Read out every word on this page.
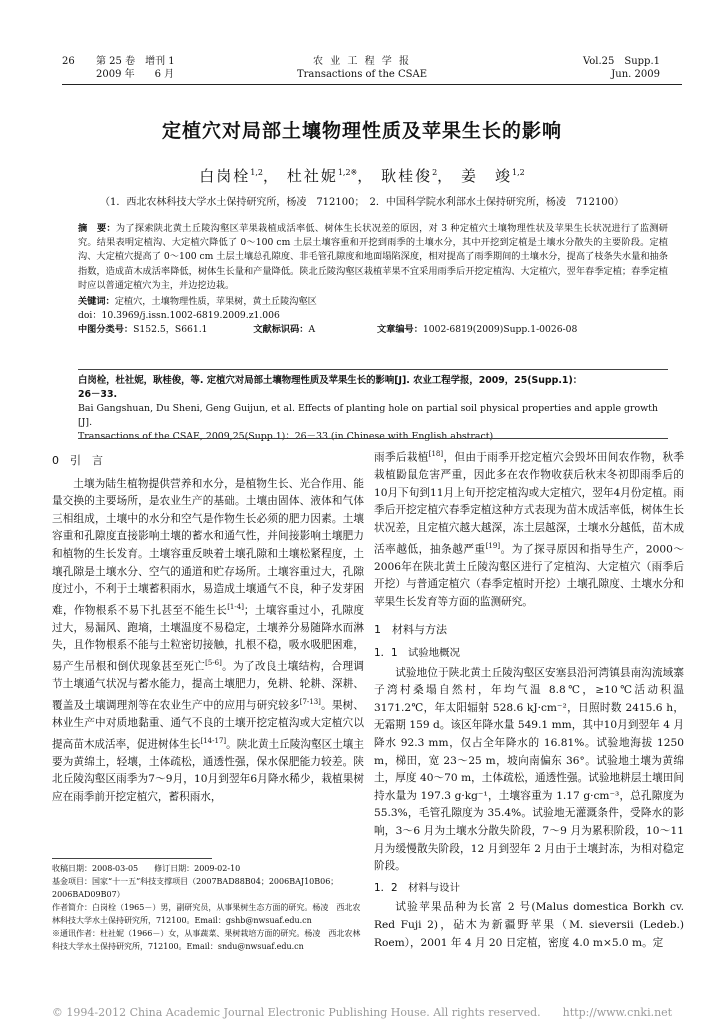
26 第 25 卷　增刊 1
2009 年　　6 月
农 业 工 程 学 报
Transactions of the CSAE
Vol.25　Supp.1
Jun. 2009
定植穴对局部土壤物理性质及苹果生长的影响
白岗栓$^{1,2}$， 杜社妮$^{1,2※}$， 耿桂俊$^2$， 姜　竣$^{1,2}$
（1．西北农林科技大学水土保持研究所，杨凌　712100；　2．中国科学院水利部水土保持研究所，杨凌　712100）

摘　要：为了探索陕北黄土丘陵沟壑区苹果栽植成活率低、树体生长状况差的原因，对 3 种定植穴土壤物理性状及苹果生长状况进行了监测研究。结果表明定植沟、大定植穴降低了 0～100 cm 土层土壤容重和开挖到雨季的土壤水分，其中开挖到定植是土壤水分散失的主要阶段。定植沟、大定植穴提高了 0～100 cm 土层土壤总孔隙度、非毛管孔隙度和地面塌陷深度，相对提高了雨季期间的土壤水分，提高了枝条失水量和抽条指数，造成苗木成活率降低，树体生长量和产量降低。陕北丘陵沟壑区栽植苹果不宜采用雨季后开挖定植沟、大定植穴，翌年春季定植；春季定植时应以普通定植穴为主，并边挖边栽。

关键词：定植穴，土壤物理性质，苹果树，黄土丘陵沟壑区

doi：10.3969/j.issn.1002-6819.2009.z1.006

中图分类号：S152.5，S661.1	文献标识码：A	文章编号：1002-6819(2009)Supp.1-0026-08

白岗栓，杜社妮，耿桂俊，等. 定植穴对局部土壤物理性质及苹果生长的影响[J]. 农业工程学报，2009，25(Supp.1)：

26－33.

Bai Gangshuan, Du Sheni, Geng Guijun, et al. Effects of planting hole on partial soil physical properties and apple growth [J].

Transactions of the CSAE, 2009,25(Supp.1)：26－33.(in Chinese with English abstract)

0　引　言

土壤为陆生植物提供营养和水分，是植物生长、光合作用、能量交换的主要场所，是农业生产的基础。土壤由固体、液体和气体三相组成，土壤中的水分和空气是作物生长必须的肥力因素。土壤容重和孔隙度直接影响土壤的蓄水和通气性，并间接影响土壤肥力和植物的生长发育。土壤容重反映着土壤孔隙和土壤松紧程度，土壤孔隙是土壤水分、空气的通道和贮存场所。土壤容重过大，孔隙度过小，不利于土壤蓄积雨水，易造成土壤通气不良，种子发芽困难，作物根系不易下扎甚至不能生长[1-4]；土壤容重过小，孔隙度过大，易漏风、跑墒，土壤温度不易稳定，土壤养分易随降水而淋失，且作物根系不能与土粒密切接触，扎根不稳，吸水吸肥困难，易产生吊根和倒伏现象甚至死亡[5-6]。为了改良土壤结构，合理调节土壤通气状况与蓄水能力，提高土壤肥力，免耕、轮耕、深耕、覆盖及土壤调理剂等在农业生产中的应用与研究较多[7-13]。果树、林业生产中对质地黏重、通气不良的土壤开挖定植沟或大定植穴以提高苗木成活率，促进树体生长[14-17]。陕北黄土丘陵沟壑区土壤主要为黄绵土，轻壤，土体疏松，通透性强，保水保肥能力较差。陕北丘陵沟壑区雨季为7～9月，10月到翌年6月降水稀少，栽植果树应在雨季前开挖定植穴，蓄积雨水，

收稿日期：2008-03-05　　修订日期：2009-02-10

基金项目：国家“十一五”科技支撑项目（2007BAD88B04；2006BAJ10B06；2006BAD09B07）

作者简介：白岗栓（1965－）男，副研究员，从事果树生态方面的研究。杨凌　西北农林科技大学水土保持研究所，712100。Email：gshb@nwsuaf.edu.cn

※通讯作者：杜社妮（1966－）女，从事蔬菜、果树栽培方面的研究。杨凌　西北农林科技大学水土保持研究所，712100。Email：sndu@nwsuaf.edu.cn

雨季后栽植[18]，但由于雨季开挖定植穴会毁坏田间农作物，秋季栽植鼢鼠危害严重，因此多在农作物收获后秋末冬初即雨季后的10月下旬到11月上旬开挖定植沟或大定植穴，翌年4月份定植。雨季后开挖定植穴春季定植这种方式表现为苗木成活率低，树体生长状况差，且定植穴越大越深，冻土层越深，土壤水分越低，苗木成活率越低，抽条越严重[19]。为了探寻原因和指导生产，2000～2006年在陕北黄土丘陵沟壑区进行了定植沟、大定植穴（雨季后开挖）与普通定植穴（春季定植时开挖）土壤孔隙度、土壤水分和苹果生长发育等方面的监测研究。

1　材料与方法
1．1　试验地概况

试验地位于陕北黄土丘陵沟壑区安塞县沿河湾镇县南沟流域寨子湾村桑塌自然村，年均气温 8.8℃，≥10℃活动积温 3171.2℃，年太阳辐射 528.6 kJ·cm⁻²，日照时数 2415.6 h，无霜期 159 d。该区年降水量 549.1 mm，其中10月到翌年 4 月降水 92.3 mm，仅占全年降水的 16.81%。试验地海拔 1250 m，梯田，宽 23～25 m，坡向南偏东 36°。试验地土壤为黄绵土，厚度 40～70 m，土体疏松，通透性强。试验地耕层土壤田间持水量为 197.3 g·kg⁻¹，土壤容重为 1.17 g·cm⁻³，总孔隙度为 55.3%，毛管孔隙度为 35.4%。试验地无灌溉条件，受降水的影响，3～6 月为土壤水分散失阶段，7～9 月为累积阶段，10～11 月为缓慢散失阶段，12 月到翌年 2 月由于土壤封冻，为相对稳定阶段。

1．2　材料与设计

试验苹果品种为长富 2 号(Malus domestica Borkh cv. Red Fuji 2)，砧木为新疆野苹果（M. sieversii (Ledeb.) Roem），2001 年 4 月 20 日定植，密度 4.0 m×5.0 m。定

© 1994-2012 China Academic Journal Electronic Publishing House. All rights reserved.　　http://www.cnki.net
